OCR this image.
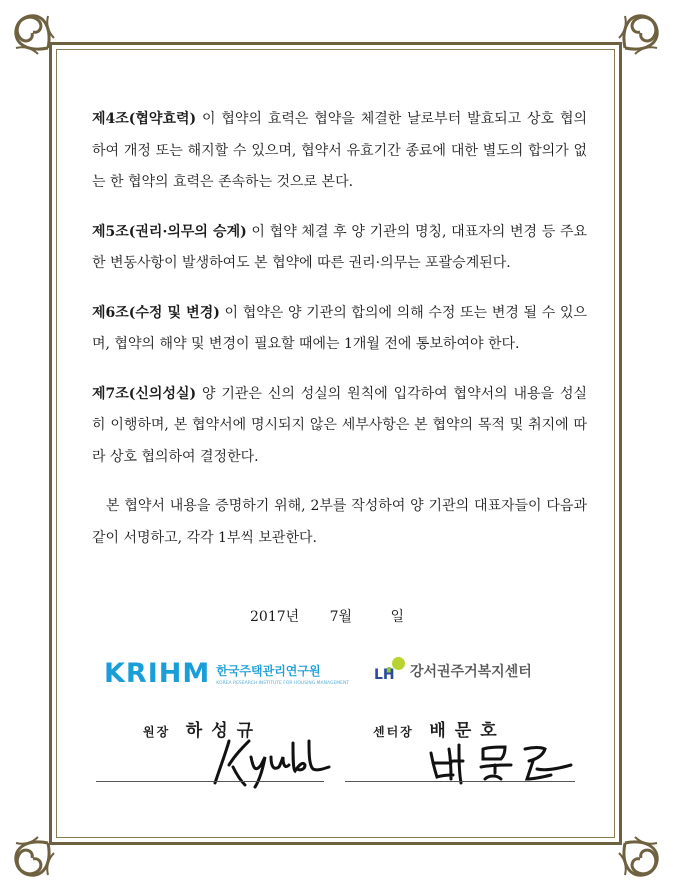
제4조(협약효력) 이 협약의 효력은 협약을 체결한 날로부터 발효되고 상호 협의하여 개정 또는 해지할 수 있으며, 협약서 유효기간 종료에 대한 별도의 합의가 없는 한 협약의 효력은 존속하는 것으로 본다.

제5조(권리·의무의 승계) 이 협약 체결 후 양 기관의 명칭, 대표자의 변경 등 주요한 변동사항이 발생하여도 본 협약에 따른 권리·의무는 포괄승계된다.

제6조(수정 및 변경) 이 협약은 양 기관의 합의에 의해 수정 또는 변경 될 수 있으며, 협약의 해약 및 변경이 필요할 때에는 1개월 전에 통보하여야 한다.

제7조(신의성실) 양 기관은 신의 성실의 원칙에 입각하여 협약서의 내용을 성실히 이행하며, 본 협약서에 명시되지 않은 세부사항은 본 협약의 목적 및 취지에 따라 상호 협의하여 결정한다.

본 협약서 내용을 증명하기 위해, 2부를 작성하여 양 기관의 대표자들이 다음과 같이 서명하고, 각각 1부씩 보관한다.

2017년 7월	일
KRIHM 한국주택관리연구원
KOREA RESEARCH INSTITUTE FOR HOUSING MANAGEMENT LH 강서권주거복지센터
원장 하성규	센터장 배문호
